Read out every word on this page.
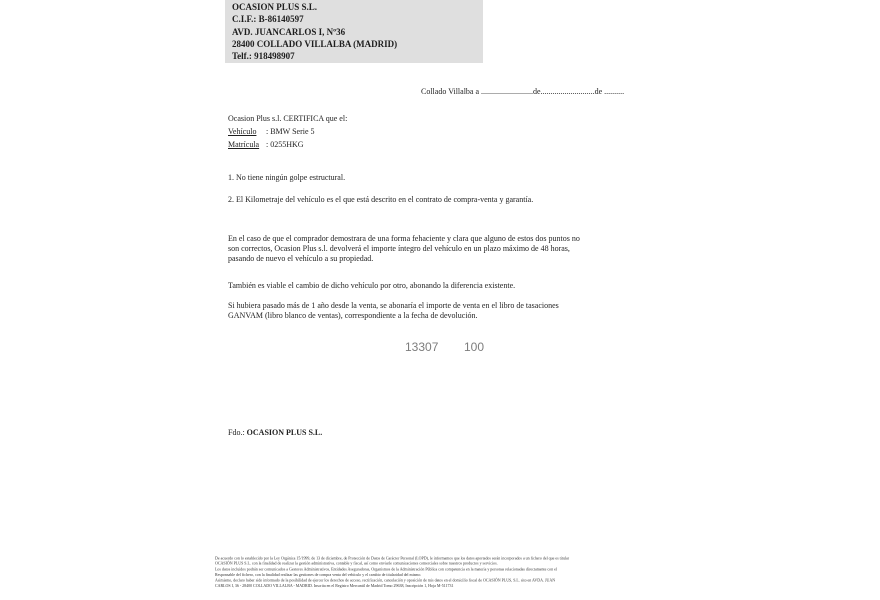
OCASION PLUS S.L.
C.I.F.: B-86140597
AVD. JUANCARLOS I, Nº36
28400 COLLADO VILLALBA (MADRID)
Telf.: 918498907
Collado Villalba a ..........................de...........................de ..........
Ocasion Plus s.l. CERTIFICA que el:
Vehículo : BMW Serie 5
Matrícula : 0255HKG
1. No tiene ningún golpe estructural.
2. El Kilometraje del vehículo es el que está descrito en el contrato de compra-venta y garantía.
En el caso de que el comprador demostrara de una forma fehaciente y clara que alguno de estos dos puntos no
son correctos, Ocasion Plus s.l. devolverá el importe íntegro del vehículo en un plazo máximo de 48 horas,
pasando de nuevo el vehículo a su propiedad.
También es viable el cambio de dicho vehículo por otro, abonando la diferencia existente.
Si hubiera pasado más de 1 año desde la venta, se abonaría el importe de venta en el libro de tasaciones
GANVAM (libro blanco de ventas), correspondiente a la fecha de devolución.
13307 100
Fdo.: OCASION PLUS S.L.
De acuerdo con lo establecido por la Ley Orgánica 15/1999, de 13 de diciembre, de Protección de Datos de Carácter Personal (LOPD), le informamos que los datos aportados serán incorporados a un fichero del que es titular
OCASIÓN PLUS S.L. con la finalidad de realizar la gestión administrativa, contable y fiscal, así como enviarle comunicaciones comerciales sobre nuestros productos y servicios.
Los datos incluidos podrán ser comunicados a Gestores Administrativos, Entidades Aseguradoras, Organismos de la Administración Pública con competencia en la materia y personas relacionadas directamente con el
Responsable del fichero, con la finalidad realizar las gestiones de compra venta del vehículo y el cambio de titularidad del mismo.
Asimismo, declaro haber sido informado de la posibilidad de ejercer los derechos de acceso, rectificación, cancelación y oposición de mis datos en el domicilio fiscal de OCASIÓN PLUS, S.L. sito en AVDA. JUAN
CARLOS I, 36 - 28400 COLLADO VILLALBA - MADRID. Inscrita en el Registro Mercantil de Madrid Tomo 29638, Inscripción 1, Hoja M-511731
